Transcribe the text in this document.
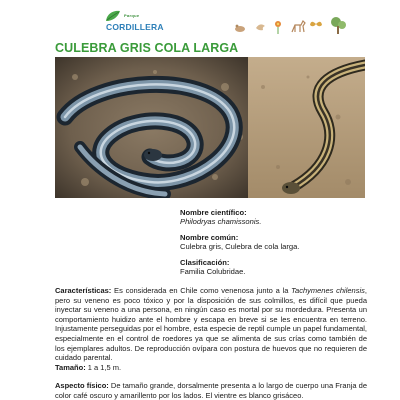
Parque
CORDILLERA
CULEBRA GRIS COLA LARGA
Nombre científico:
Philodryas chamissonis.
Nombre común:
Culebra gris, Culebra de cola larga.
Clasificación:
Familia Colubridae.
Características: Es considerada en Chile como venenosa junto a la Tachymenes chilensis, pero su veneno es poco tóxico y por la disposición de sus colmillos, es difícil que pueda inyectar su veneno a una persona, en ningún caso es mortal por su mordedura. Presenta un comportamiento huidizo ante el hombre y escapa en breve si se les encuentra en terreno. Injustamente perseguidas por el hombre, esta especie de reptil cumple un papel fundamental, especialmente en el control de roedores ya que se alimenta de sus crías como también de los ejemplares adultos. De reproducción ovípara con postura de huevos que no requieren de cuidado parental.
Tamaño: 1 a 1,5 m.
Aspecto físico: De tamaño grande, dorsalmente presenta a lo largo de cuerpo una Franja de color café oscuro y amarillento por los lados. El vientre es blanco grisáceo.
